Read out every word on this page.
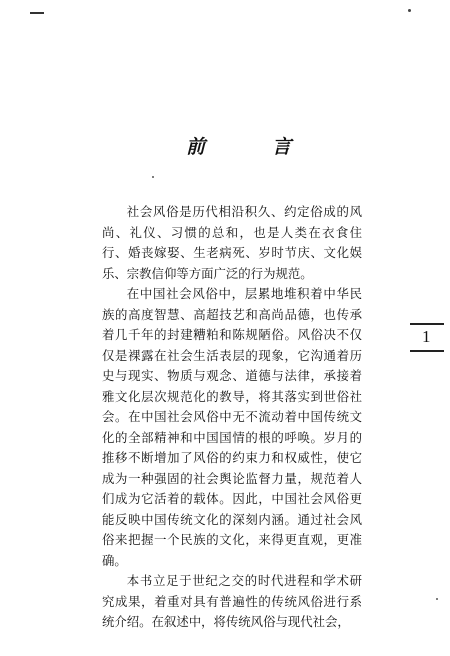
前　言

社会风俗是历代相沿积久、约定俗成的风尚、礼仪、习惯的总和，也是人类在衣食住行、婚丧嫁娶、生老病死、岁时节庆、文化娱乐、宗教信仰等方面广泛的行为规范。

在中国社会风俗中，层累地堆积着中华民族的高度智慧、高超技艺和高尚品德，也传承着几千年的封建糟粕和陈规陋俗。风俗决不仅仅是裸露在社会生活表层的现象，它沟通着历史与现实、物质与观念、道德与法律，承接着雅文化层次规范化的教导，将其落实到世俗社会。在中国社会风俗中无不流动着中国传统文化的全部精神和中国国情的根的呼唤。岁月的推移不断增加了风俗的约束力和权威性，使它成为一种强固的社会舆论监督力量，规范着人们成为它活着的载体。因此，中国社会风俗更能反映中国传统文化的深刻内涵。通过社会风俗来把握一个民族的文化，来得更直观，更准确。

本书立足于世纪之交的时代进程和学术研究成果，着重对具有普遍性的传统风俗进行系统介绍。在叙述中，将传统风俗与现代社会，

1
